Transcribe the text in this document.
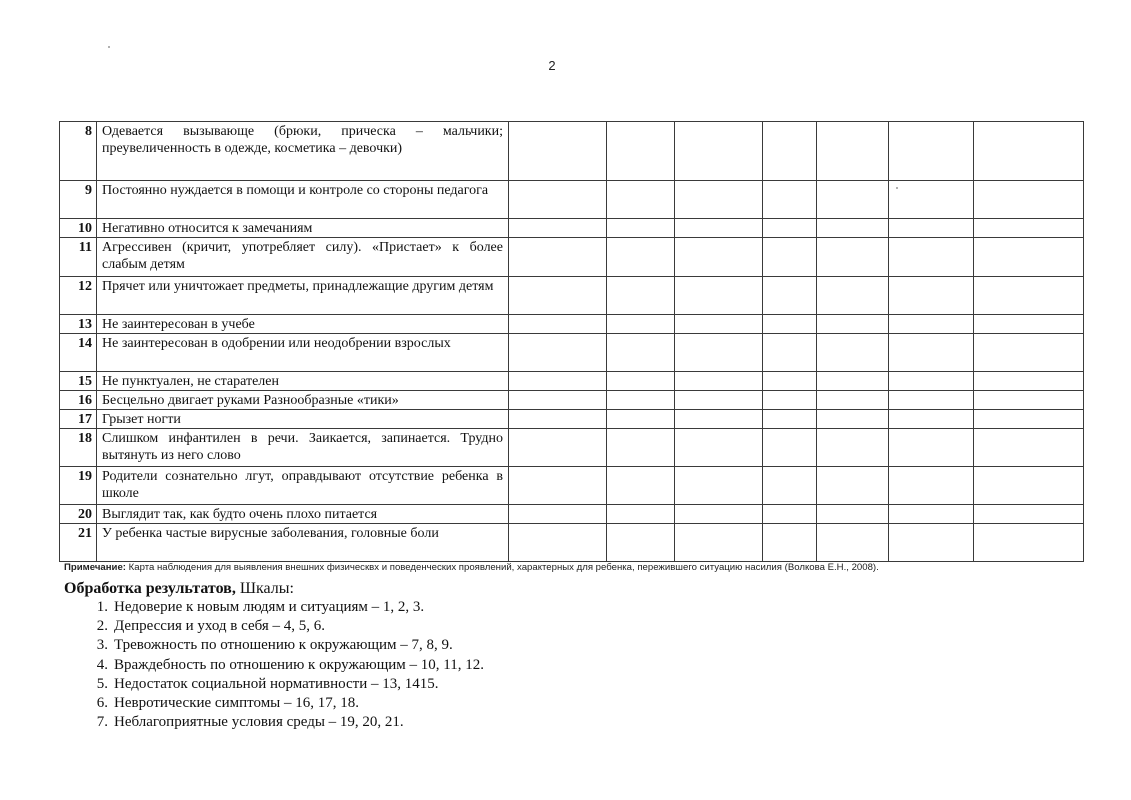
2
8	Одевается вызывающе (брюки, прическа – мальчики; преувеличенность в одежде, косметика – девочки)							
9	Постоянно нуждается в помощи и контроле со стороны педагога							
10	Негативно относится к замечаниям							
11	Агрессивен (кричит, употребляет силу). «Пристает» к более слабым детям							
12	Прячет или уничтожает предметы, принадлежащие другим детям							
13	Не заинтересован в учебе							
14	Не заинтересован в одобрении или неодобрении взрослых							
15	Не пунктуален, не старателен							
16	Бесцельно двигает руками Разнообразные «тики»							
17	Грызет ногти							
18	Слишком инфантилен в речи. Заикается, запинается. Трудно вытянуть из него слово							
19	Родители сознательно лгут, оправдывают отсутствие ребенка в школе							
20	Выглядит так, как будто очень плохо питается							
21	У ребенка частые вирусные заболевания, головные боли							
Примечание: Карта наблюдения для выявления внешних физическвх и поведенческих проявлений, характерных для ребенка, пережившего ситуацию насилия (Волкова Е.Н., 2008).
Обработка результатов, Шкалы:
1. Недоверие к новым людям и ситуациям – 1, 2, 3.
2. Депрессия и уход в себя – 4, 5, 6.
3. Тревожность по отношению к окружающим – 7, 8, 9.
4. Враждебность по отношению к окружающим – 10, 11, 12.
5. Недостаток социальной нормативности – 13, 1415.
6. Невротические симптомы – 16, 17, 18.
7. Неблагоприятные условия среды – 19, 20, 21.
